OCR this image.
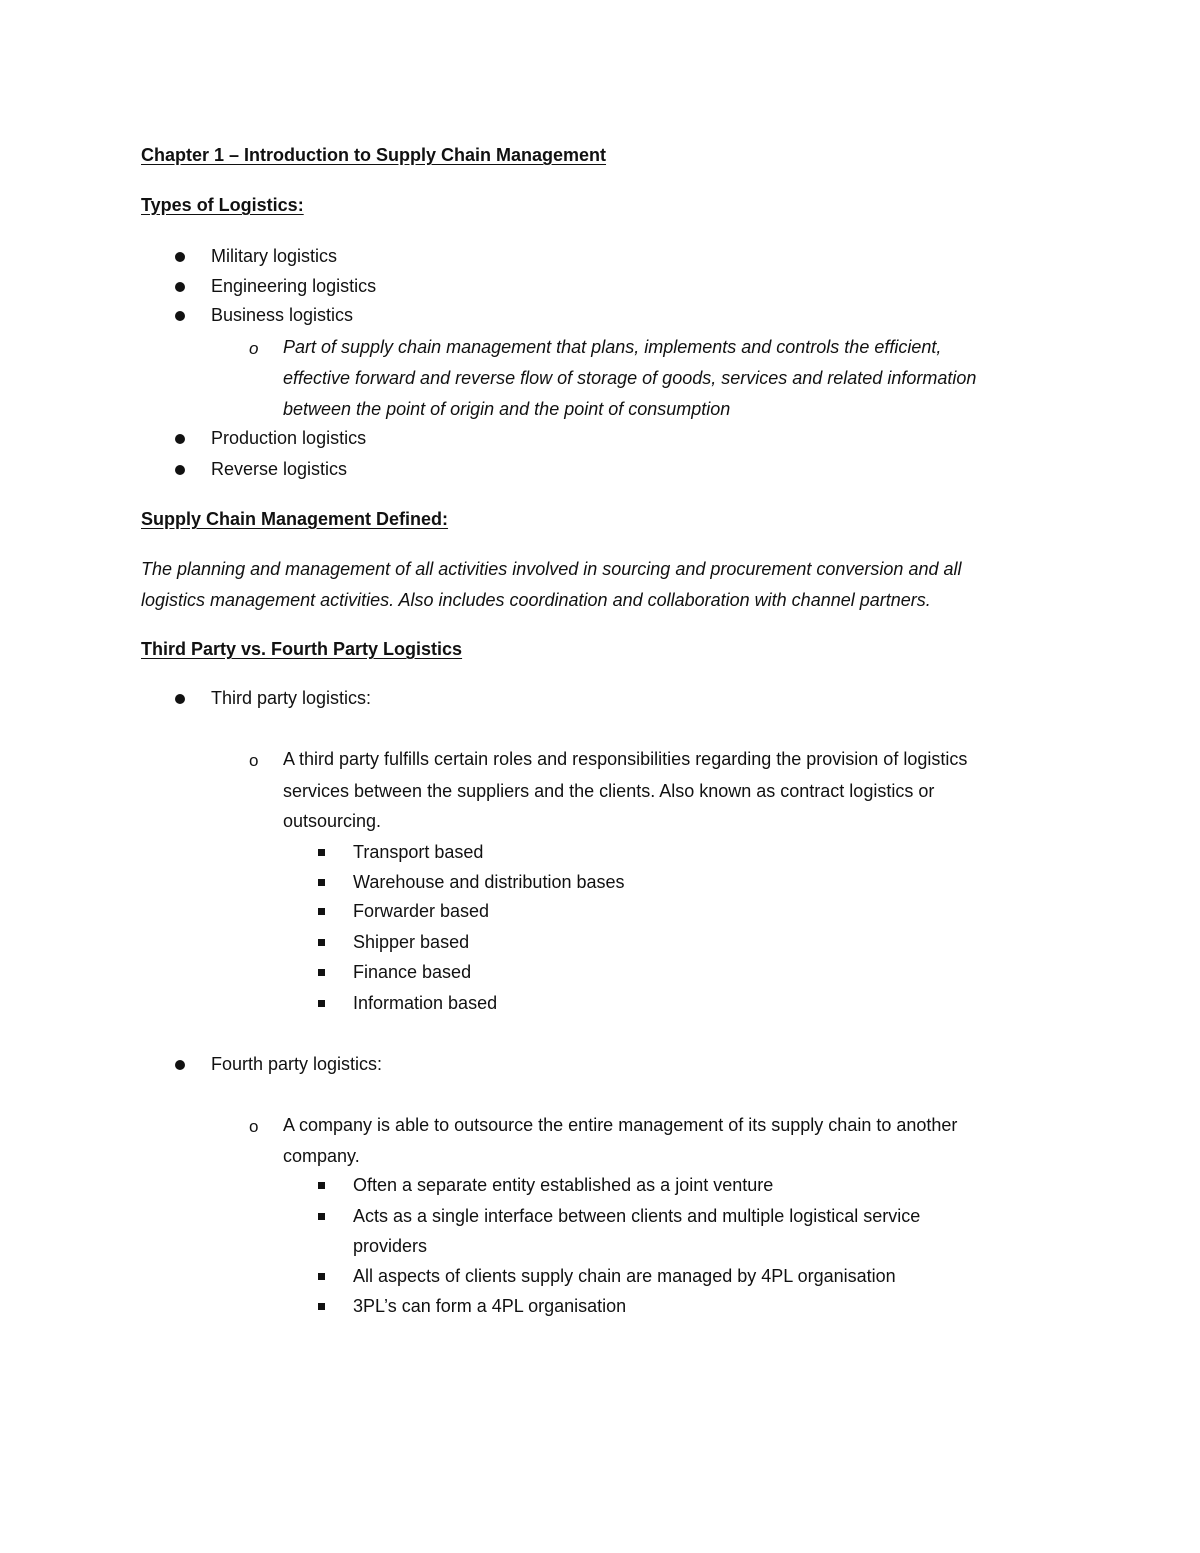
Chapter 1 – Introduction to Supply Chain Management
Types of Logistics:
Military logistics
Engineering logistics
Business logistics
o Part of supply chain management that plans, implements and controls the efficient,
effective forward and reverse flow of storage of goods, services and related information
between the point of origin and the point of consumption
Production logistics
Reverse logistics
Supply Chain Management Defined:
The planning and management of all activities involved in sourcing and procurement conversion and all
logistics management activities. Also includes coordination and collaboration with channel partners.
Third Party vs. Fourth Party Logistics
Third party logistics:
o A third party fulfills certain roles and responsibilities regarding the provision of logistics
services between the suppliers and the clients. Also known as contract logistics or
outsourcing.
Transport based
Warehouse and distribution bases
Forwarder based
Shipper based
Finance based
Information based
Fourth party logistics:
o A company is able to outsource the entire management of its supply chain to another
company.
Often a separate entity established as a joint venture
Acts as a single interface between clients and multiple logistical service
providers
All aspects of clients supply chain are managed by 4PL organisation
3PL’s can form a 4PL organisation
